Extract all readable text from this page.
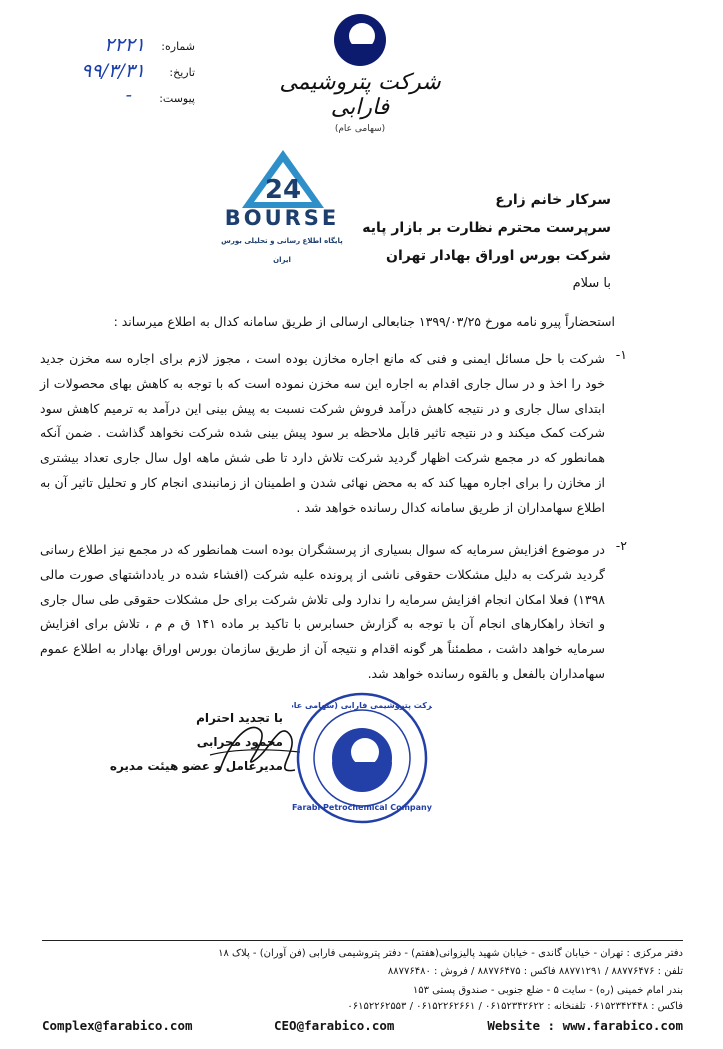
شماره:
۲۲۲۱
تاریخ:
۹۹/۳/۳۱
پیوست:
-	شرکت پتروشیمی فارابی
(سهامی عام)
24
BOURSE
پایگاه اطلاع رسانی و تحلیلی بورس ایران
سرکار خانم زارع
سرپرست محترم نظارت بر بازار پایه
شرکت بورس اوراق بهادار تهران
با سلام
استحضاراً پیرو نامه مورخ ۱۳۹۹/۰۳/۲۵ جنابعالی ارسالی از طریق سامانه کدال به اطلاع میرساند :
۱-
شرکت با حل مسائل ایمنی و فنی که مانع اجاره مخازن بوده است ، مجوز لازم برای اجاره سه مخزن جدید خود را اخذ و در سال جاری اقدام به اجاره این سه مخزن نموده است که با توجه به کاهش بهای محصولات از ابتدای سال جاری و در نتیجه کاهش درآمد فروش شرکت نسبت به پیش بینی این درآمد به ترمیم کاهش سود شرکت کمک میکند و در نتیجه تاثیر قابل ملاحظه بر سود پیش بینی شده شرکت نخواهد گذاشت . ضمن آنکه همانطور که در مجمع شرکت اظهار گردید شرکت تلاش دارد تا طی شش ماهه اول سال جاری تعداد بیشتری از مخازن را برای اجاره مهیا کند که به محض نهائی شدن و اطمینان از زمانبندی انجام کار و تحلیل تاثیر آن به اطلاع سهامداران از طریق سامانه کدال رسانده خواهد شد .
۲-
در موضوع افزایش سرمایه که سوال بسیاری از پرسشگران بوده است همانطور که در مجمع نیز اطلاع رسانی گردید شرکت به دلیل مشکلات حقوقی ناشی از پرونده علیه شرکت (افشاء شده در یادداشتهای صورت مالی ۱۳۹۸) فعلا امکان انجام افزایش سرمایه را ندارد ولی تلاش شرکت برای حل مشکلات حقوقی طی سال جاری و اتخاذ راهکارهای انجام آن با توجه به گزارش حسابرس با تاکید بر ماده ۱۴۱ ق م م ، تلاش برای افزایش سرمایه خواهد داشت ، مطمئناً هر گونه اقدام و نتیجه آن از طریق سازمان بورس اوراق بهادار به اطلاع عموم سهامداران بالفعل و بالقوه رسانده خواهد شد.
با تجدید احترام
محمود محرابی
مدیرعامل و عضو هیئت مدیره
Farabi Petrochemical Company
شرکت پتروشیمی فارابی (سهامی عام)
دفتر مرکزی : تهران - خیابان گاندی - خیابان شهید پالیزوانی(هفتم) - دفتر پتروشیمی فارابی (فن آوران) - پلاک ۱۸
تلفن : ۸۸۷۷۶۴۷۶ / ۸۸۷۷۱۲۹۱ فاکس : ۸۸۷۷۶۴۷۵ / فروش : ۸۸۷۷۶۴۸۰
بندر امام خمینی (ره) - سایت ۵ - ضلع جنوبی - صندوق پستی ۱۵۳
فاکس : ۰۶۱۵۲۳۴۲۴۴۸ تلفنخانه : ۰۶۱۵۲۳۴۲۶۲۲ / ۰۶۱۵۲۲۶۲۶۶۱ / ۰۶۱۵۲۲۶۲۵۵۳
Complex@farabico.com	CEO@farabico.com	Website : www.farabico.com
